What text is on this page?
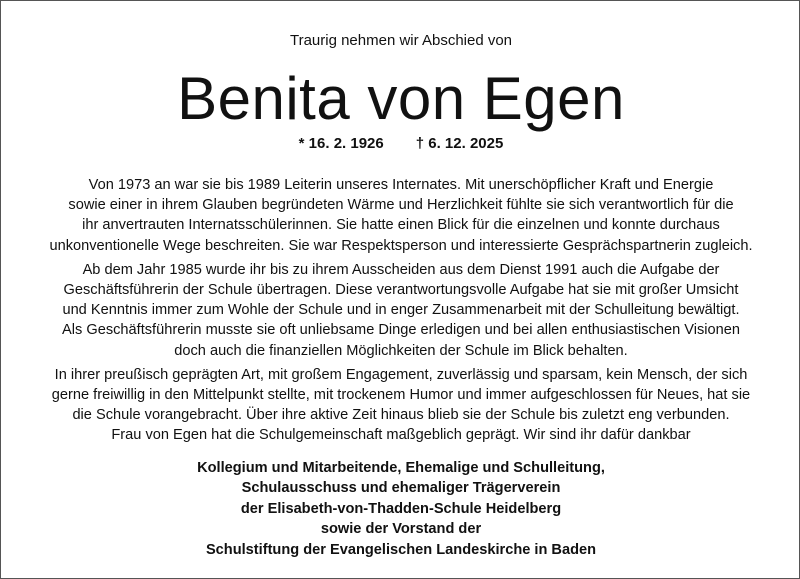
Traurig nehmen wir Abschied von
Benita von Egen
* 16. 2. 1926 † 6. 12. 2025

Von 1973 an war sie bis 1989 Leiterin unseres Internates. Mit unerschöpflicher Kraft und Energie
sowie einer in ihrem Glauben begründeten Wärme und Herzlichkeit fühlte sie sich verantwortlich für die
ihr anvertrauten Internatsschülerinnen. Sie hatte einen Blick für die einzelnen und konnte durchaus
unkonventionelle Wege beschreiten. Sie war Respektsperson und interessierte Gesprächspartnerin zugleich.

Ab dem Jahr 1985 wurde ihr bis zu ihrem Ausscheiden aus dem Dienst 1991 auch die Aufgabe der
Geschäftsführerin der Schule übertragen. Diese verantwortungsvolle Aufgabe hat sie mit großer Umsicht
und Kenntnis immer zum Wohle der Schule und in enger Zusammenarbeit mit der Schulleitung bewältigt.
Als Geschäftsführerin musste sie oft unliebsame Dinge erledigen und bei allen enthusiastischen Visionen
doch auch die finanziellen Möglichkeiten der Schule im Blick behalten.

In ihrer preußisch geprägten Art, mit großem Engagement, zuverlässig und sparsam, kein Mensch, der sich
gerne freiwillig in den Mittelpunkt stellte, mit trockenem Humor und immer aufgeschlossen für Neues, hat sie
die Schule vorangebracht. Über ihre aktive Zeit hinaus blieb sie der Schule bis zuletzt eng verbunden.
Frau von Egen hat die Schulgemeinschaft maßgeblich geprägt. Wir sind ihr dafür dankbar

Kollegium und Mitarbeitende, Ehemalige und Schulleitung,
Schulausschuss und ehemaliger Trägerverein
der Elisabeth-von-Thadden-Schule Heidelberg
sowie der Vorstand der
Schulstiftung der Evangelischen Landeskirche in Baden
